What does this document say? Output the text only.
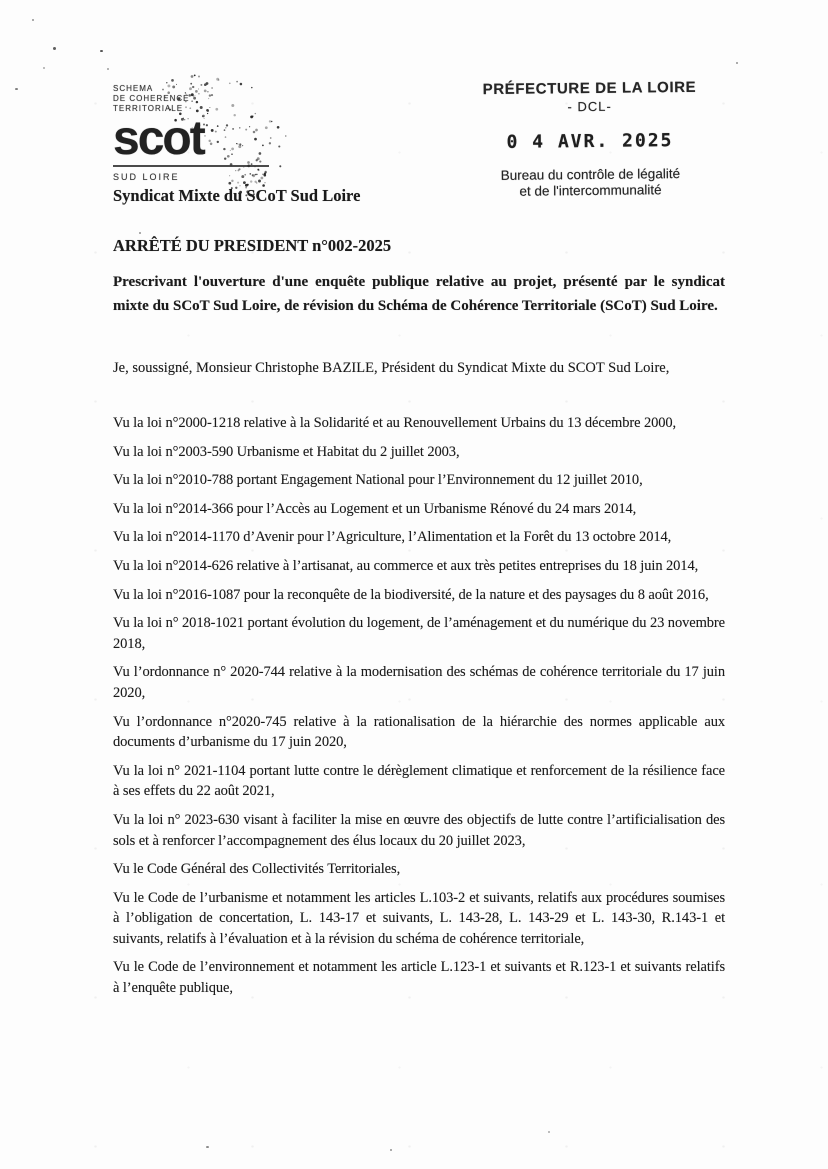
SCHEMA
DE COHERENCE
TERRITORIALE
scot
SUD LOIRE
PRÉFECTURE DE LA LOIRE
- DCL-
0 4 AVR. 2025
Bureau du contrôle de légalité
et de l'intercommunalité
Syndicat Mixte du SCoT Sud Loire

ARRÊTÉ DU PRESIDENT n°002-2025

Prescrivant l'ouverture d'une enquête publique relative au projet, présenté par le syndicat mixte du SCoT Sud Loire, de révision du Schéma de Cohérence Territoriale (SCoT) Sud Loire.

Je, soussigné, Monsieur Christophe BAZILE, Président du Syndicat Mixte du SCOT Sud Loire,

Vu la loi n°2000-1218 relative à la Solidarité et au Renouvellement Urbains du 13 décembre 2000,

Vu la loi n°2003-590 Urbanisme et Habitat du 2 juillet 2003,

Vu la loi n°2010-788 portant Engagement National pour l’Environnement du 12 juillet 2010,

Vu la loi n°2014-366 pour l’Accès au Logement et un Urbanisme Rénové du 24 mars 2014,

Vu la loi n°2014-1170 d’Avenir pour l’Agriculture, l’Alimentation et la Forêt du 13 octobre 2014,

Vu la loi n°2014-626 relative à l’artisanat, au commerce et aux très petites entreprises du 18 juin 2014,

Vu la loi n°2016-1087 pour la reconquête de la biodiversité, de la nature et des paysages du 8 août 2016,

Vu la loi n° 2018-1021 portant évolution du logement, de l’aménagement et du numérique du 23 novembre 2018,

Vu l’ordonnance n° 2020-744 relative à la modernisation des schémas de cohérence territoriale du 17 juin 2020,

Vu l’ordonnance n°2020-745 relative à la rationalisation de la hiérarchie des normes applicable aux documents d’urbanisme du 17 juin 2020,

Vu la loi n° 2021-1104 portant lutte contre le dérèglement climatique et renforcement de la résilience face à ses effets du 22 août 2021,

Vu la loi n° 2023-630 visant à faciliter la mise en œuvre des objectifs de lutte contre l’artificialisation des sols et à renforcer l’accompagnement des élus locaux du 20 juillet 2023,

Vu le Code Général des Collectivités Territoriales,

Vu le Code de l’urbanisme et notamment les articles L.103-2 et suivants, relatifs aux procédures soumises à l’obligation de concertation, L. 143-17 et suivants, L. 143-28, L. 143-29 et L. 143-30, R.143-1 et suivants, relatifs à l’évaluation et à la révision du schéma de cohérence territoriale,

Vu le Code de l’environnement et notamment les article L.123-1 et suivants et R.123-1 et suivants relatifs à l’enquête publique,
